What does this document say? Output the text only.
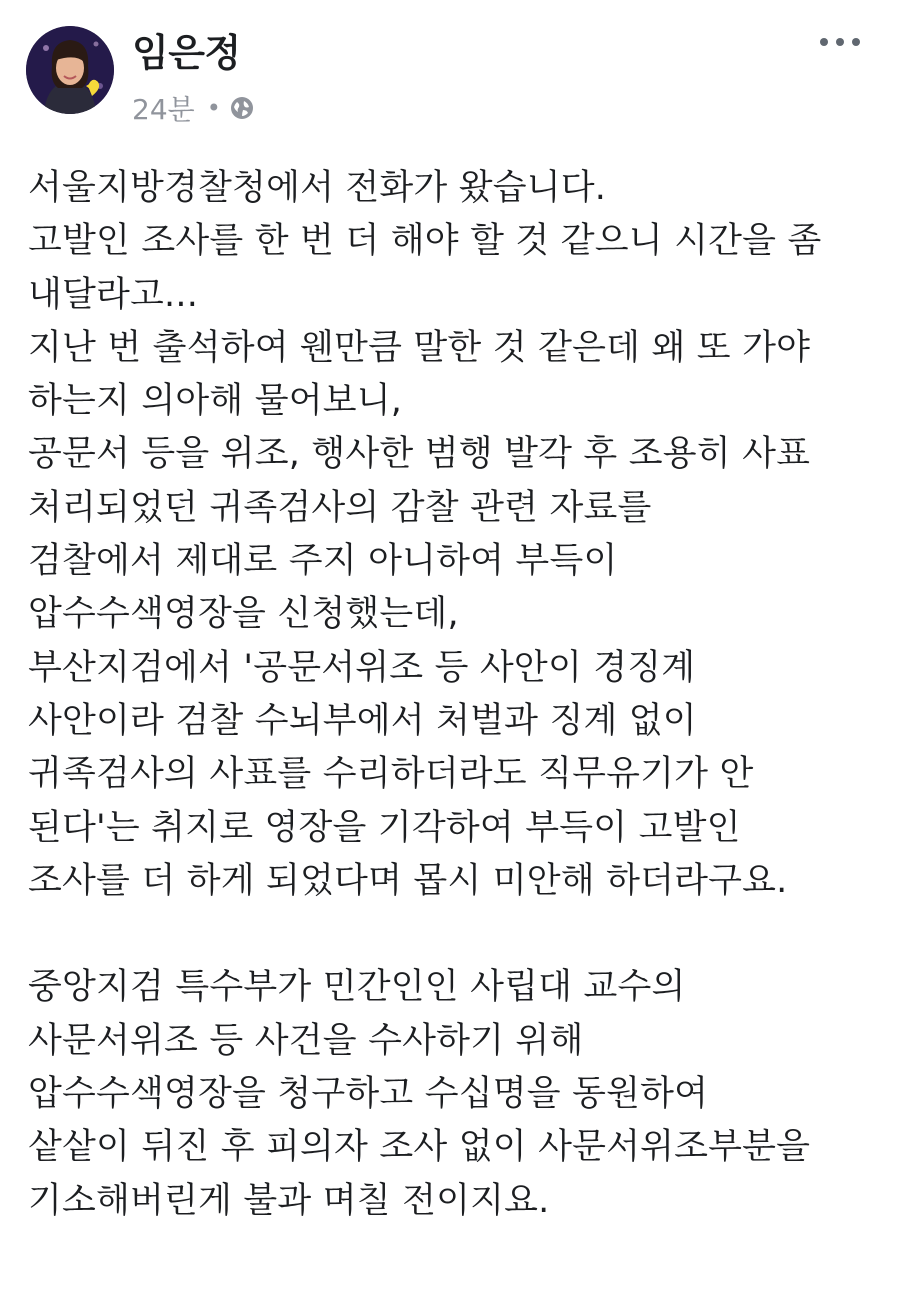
임은정
24분 •
서울지방경찰청에서 전화가 왔습니다.
고발인 조사를 한 번 더 해야 할 것 같으니 시간을 좀
내달라고...
지난 번 출석하여 웬만큼 말한 것 같은데 왜 또 가야
하는지 의아해 물어보니,
공문서 등을 위조, 행사한 범행 발각 후 조용히 사표
처리되었던 귀족검사의 감찰 관련 자료를
검찰에서 제대로 주지 아니하여 부득이
압수수색영장을 신청했는데,
부산지검에서 '공문서위조 등 사안이 경징계
사안이라 검찰 수뇌부에서 처벌과 징계 없이
귀족검사의 사표를 수리하더라도 직무유기가 안
된다'는 취지로 영장을 기각하여 부득이 고발인
조사를 더 하게 되었다며 몹시 미안해 하더라구요.
중앙지검 특수부가 민간인인 사립대 교수의
사문서위조 등 사건을 수사하기 위해
압수수색영장을 청구하고 수십명을 동원하여
샅샅이 뒤진 후 피의자 조사 없이 사문서위조부분을
기소해버린게 불과 며칠 전이지요.
